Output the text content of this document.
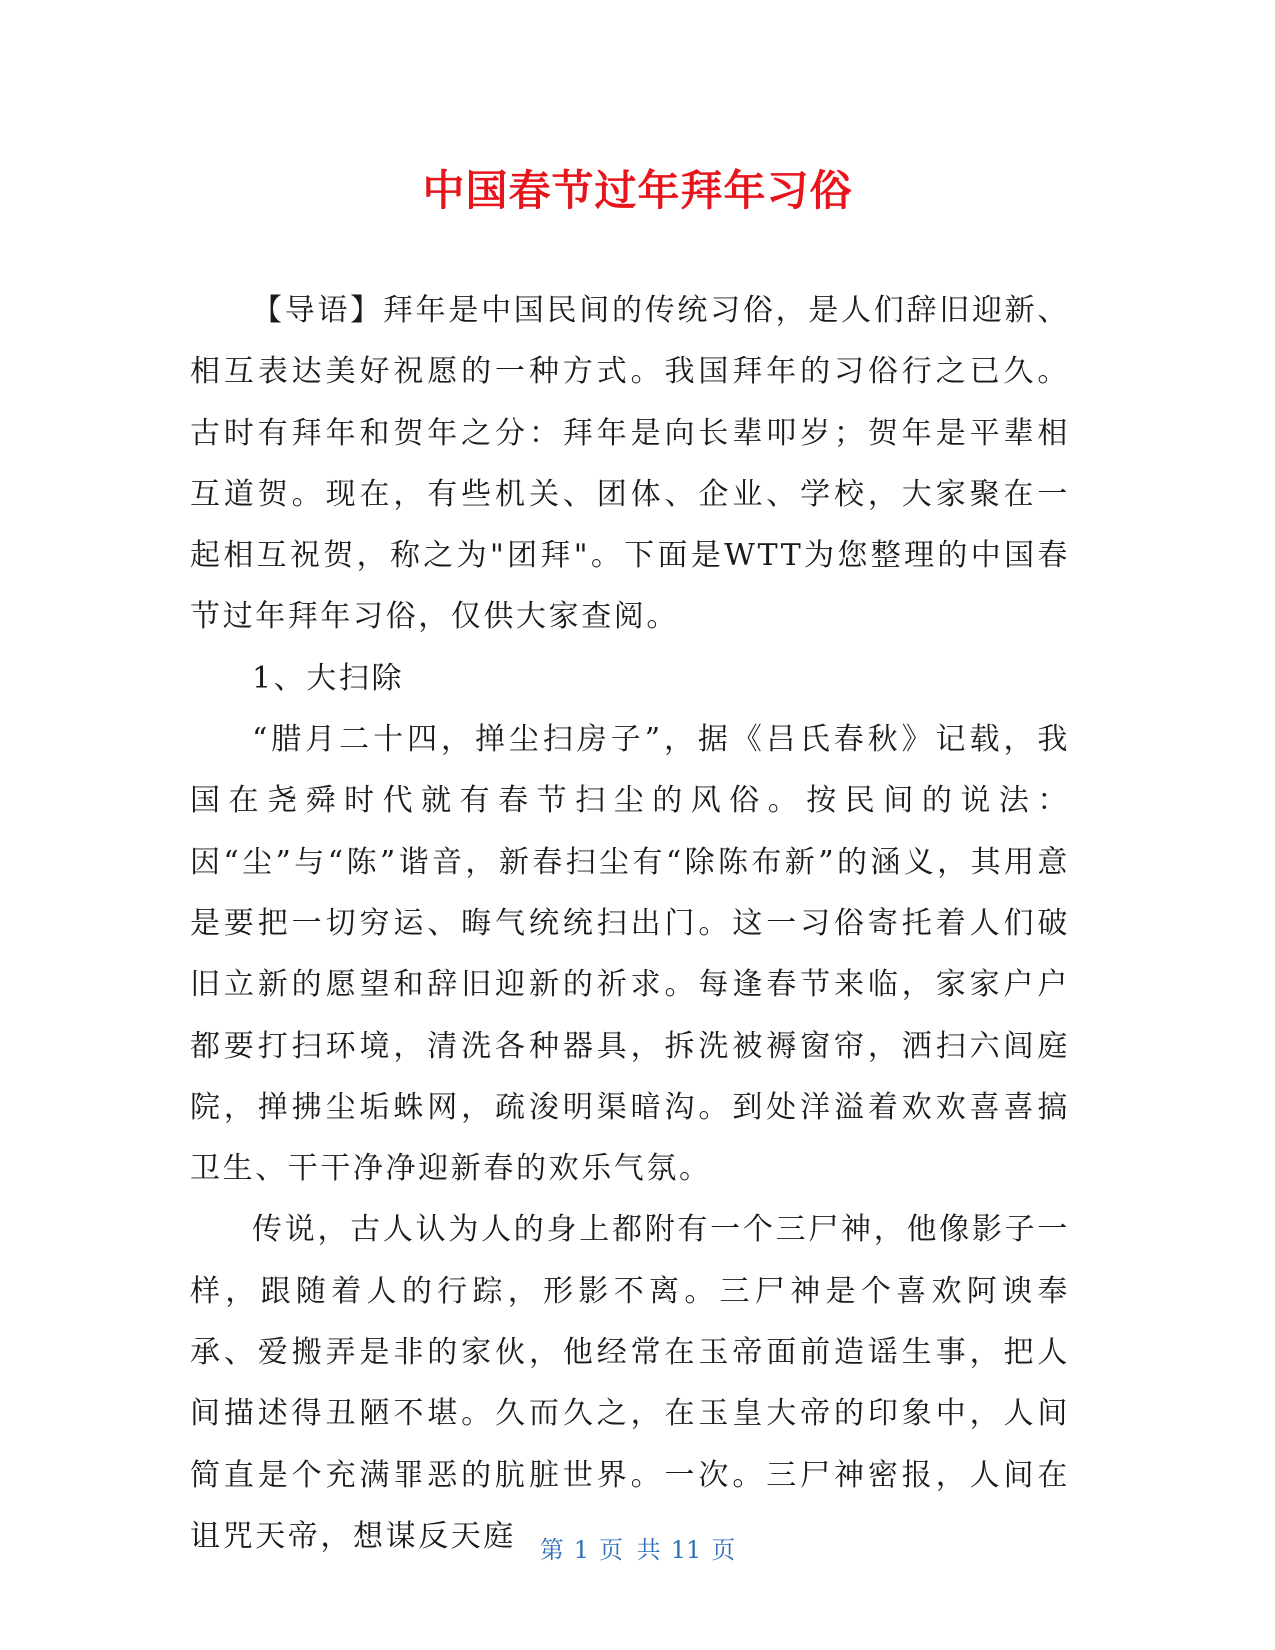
中国春节过年拜年习俗

【导语】拜年是中国民间的传统习俗，是人们辞旧迎新、相互表达美好祝愿的一种方式。我国拜年的习俗行之已久。古时有拜年和贺年之分：拜年是向长辈叩岁；贺年是平辈相互道贺。现在，有些机关、团体、企业、学校，大家聚在一起相互祝贺，称之为"团拜"。下面是WTT为您整理的中国春节过年拜年习俗，仅供大家查阅。

1、大扫除

“腊月二十四，掸尘扫房子”，据《吕氏春秋》记载，我国在尧舜时代就有春节扫尘的风俗。按民间的说法：因“尘”与“陈”谐音，新春扫尘有“除陈布新”的涵义，其用意是要把一切穷运、晦气统统扫出门。这一习俗寄托着人们破旧立新的愿望和辞旧迎新的祈求。每逢春节来临，家家户户都要打扫环境，清洗各种器具，拆洗被褥窗帘，洒扫六闾庭院，掸拂尘垢蛛网，疏浚明渠暗沟。到处洋溢着欢欢喜喜搞卫生、干干净净迎新春的欢乐气氛。

传说，古人认为人的身上都附有一个三尸神，他像影子一样，跟随着人的行踪，形影不离。三尸神是个喜欢阿谀奉承、爱搬弄是非的家伙，他经常在玉帝面前造谣生事，把人间描述得丑陋不堪。久而久之，在玉皇大帝的印象中，人间简直是个充满罪恶的肮脏世界。一次。三尸神密报，人间在诅咒天帝，想谋反天庭 第 1 页 共 11 页
